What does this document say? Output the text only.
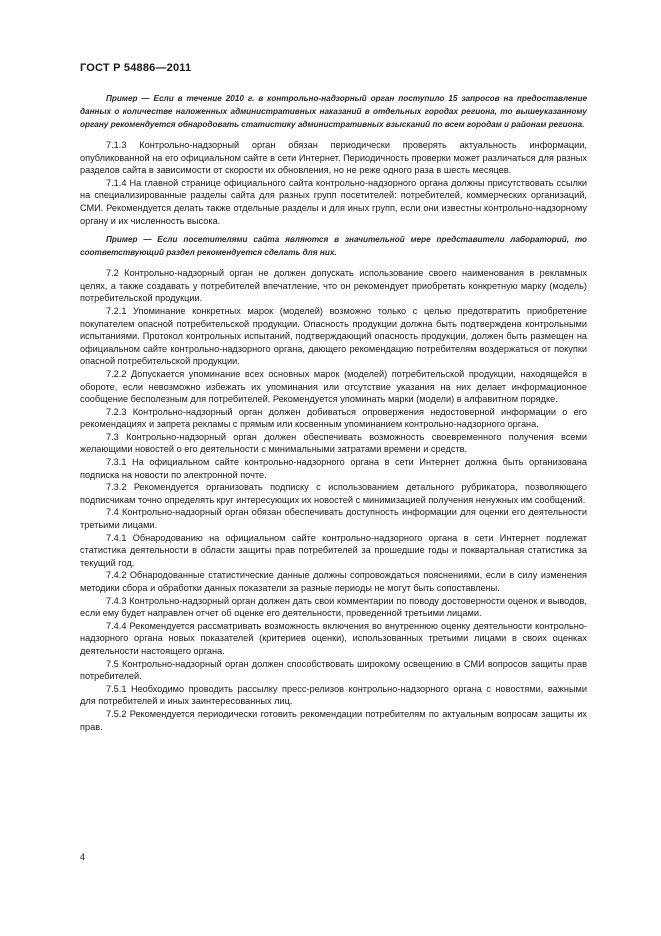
ГОСТ Р 54886—2011

Пример — Если в течение 2010 г. в контрольно-надзорный орган поступило 15 запросов на предоставление данных о количестве наложенных административных наказаний в отдельных городах региона, то вышеуказанному органу рекомендуется обнародовать статистику административных взысканий по всем городам и районам региона.

7.1.3 Контрольно-надзорный орган обязан периодически проверять актуальность информации, опубликованной на его официальном сайте в сети Интернет. Периодичность проверки может различаться для разных разделов сайта в зависимости от скорости их обновления, но не реже одного раза в шесть месяцев.

7.1.4 На главной странице официального сайта контрольно-надзорного органа должны присутствовать ссылки на специализированные разделы сайта для разных групп посетителей: потребителей, коммерческих организаций, СМИ. Рекомендуется делать также отдельные разделы и для иных групп, если они известны контрольно-надзорному органу и их численность высока.

Пример — Если посетителями сайта являются в значительной мере представители лабораторий, то соответствующий раздел рекомендуется сделать для них.

7.2 Контрольно-надзорный орган не должен допускать использование своего наименования в рекламных целях, а также создавать у потребителей впечатление, что он рекомендует приобретать конкретную марку (модель) потребительской продукции.

7.2.1 Упоминание конкретных марок (моделей) возможно только с целью предотвратить приобретение покупателем опасной потребительской продукции. Опасность продукции должна быть подтверждена контрольными испытаниями. Протокол контрольных испытаний, подтверждающий опасность продукции, должен быть размещен на официальном сайте контрольно-надзорного органа, дающего рекомендацию потребителям воздержаться от покупки опасной потребительской продукции.

7.2.2 Допускается упоминание всех основных марок (моделей) потребительской продукции, находящейся в обороте, если невозможно избежать их упоминания или отсутствие указания на них делает информационное сообщение бесполезным для потребителей. Рекомендуется упоминать марки (модели) в алфавитном порядке.

7.2.3 Контрольно-надзорный орган должен добиваться опровержения недостоверной информации о его рекомендациях и запрета рекламы с прямым или косвенным упоминанием контрольно-надзорного органа.

7.3 Контрольно-надзорный орган должен обеспечивать возможность своевременного получения всеми желающими новостей о его деятельности с минимальными затратами времени и средств.

7.3.1 На официальном сайте контрольно-надзорного органа в сети Интернет должна быть организована подписка на новости по электронной почте.

7.3.2 Рекомендуется организовать подписку с использованием детального рубрикатора, позволяющего подписчикам точно определять круг интересующих их новостей с минимизацией получения ненужных им сообщений.

7.4 Контрольно-надзорный орган обязан обеспечивать доступность информации для оценки его деятельности третьими лицами.

7.4.1 Обнародованию на официальном сайте контрольно-надзорного органа в сети Интернет подлежат статистика деятельности в области защиты прав потребителей за прошедшие годы и поквартальная статистика за текущий год.

7.4.2 Обнародованные статистические данные должны сопровождаться пояснениями, если в силу изменения методики сбора и обработки данных показатели за разные периоды не могут быть сопоставлены.

7.4.3 Контрольно-надзорный орган должен дать свои комментарии по поводу достоверности оценок и выводов, если ему будет направлен отчет об оценке его деятельности, проведенной третьими лицами.

7.4.4 Рекомендуется рассматривать возможность включения во внутреннюю оценку деятельности контрольно-надзорного органа новых показателей (критериев оценки), использованных третьими лицами в своих оценках деятельности настоящего органа.

7.5 Контрольно-надзорный орган должен способствовать широкому освещению в СМИ вопросов защиты прав потребителей.

7.5.1 Необходимо проводить рассылку пресс-релизов контрольно-надзорного органа с новостями, важными для потребителей и иных заинтересованных лиц.

7.5.2 Рекомендуется периодически готовить рекомендации потребителям по актуальным вопросам защиты их прав.

4
